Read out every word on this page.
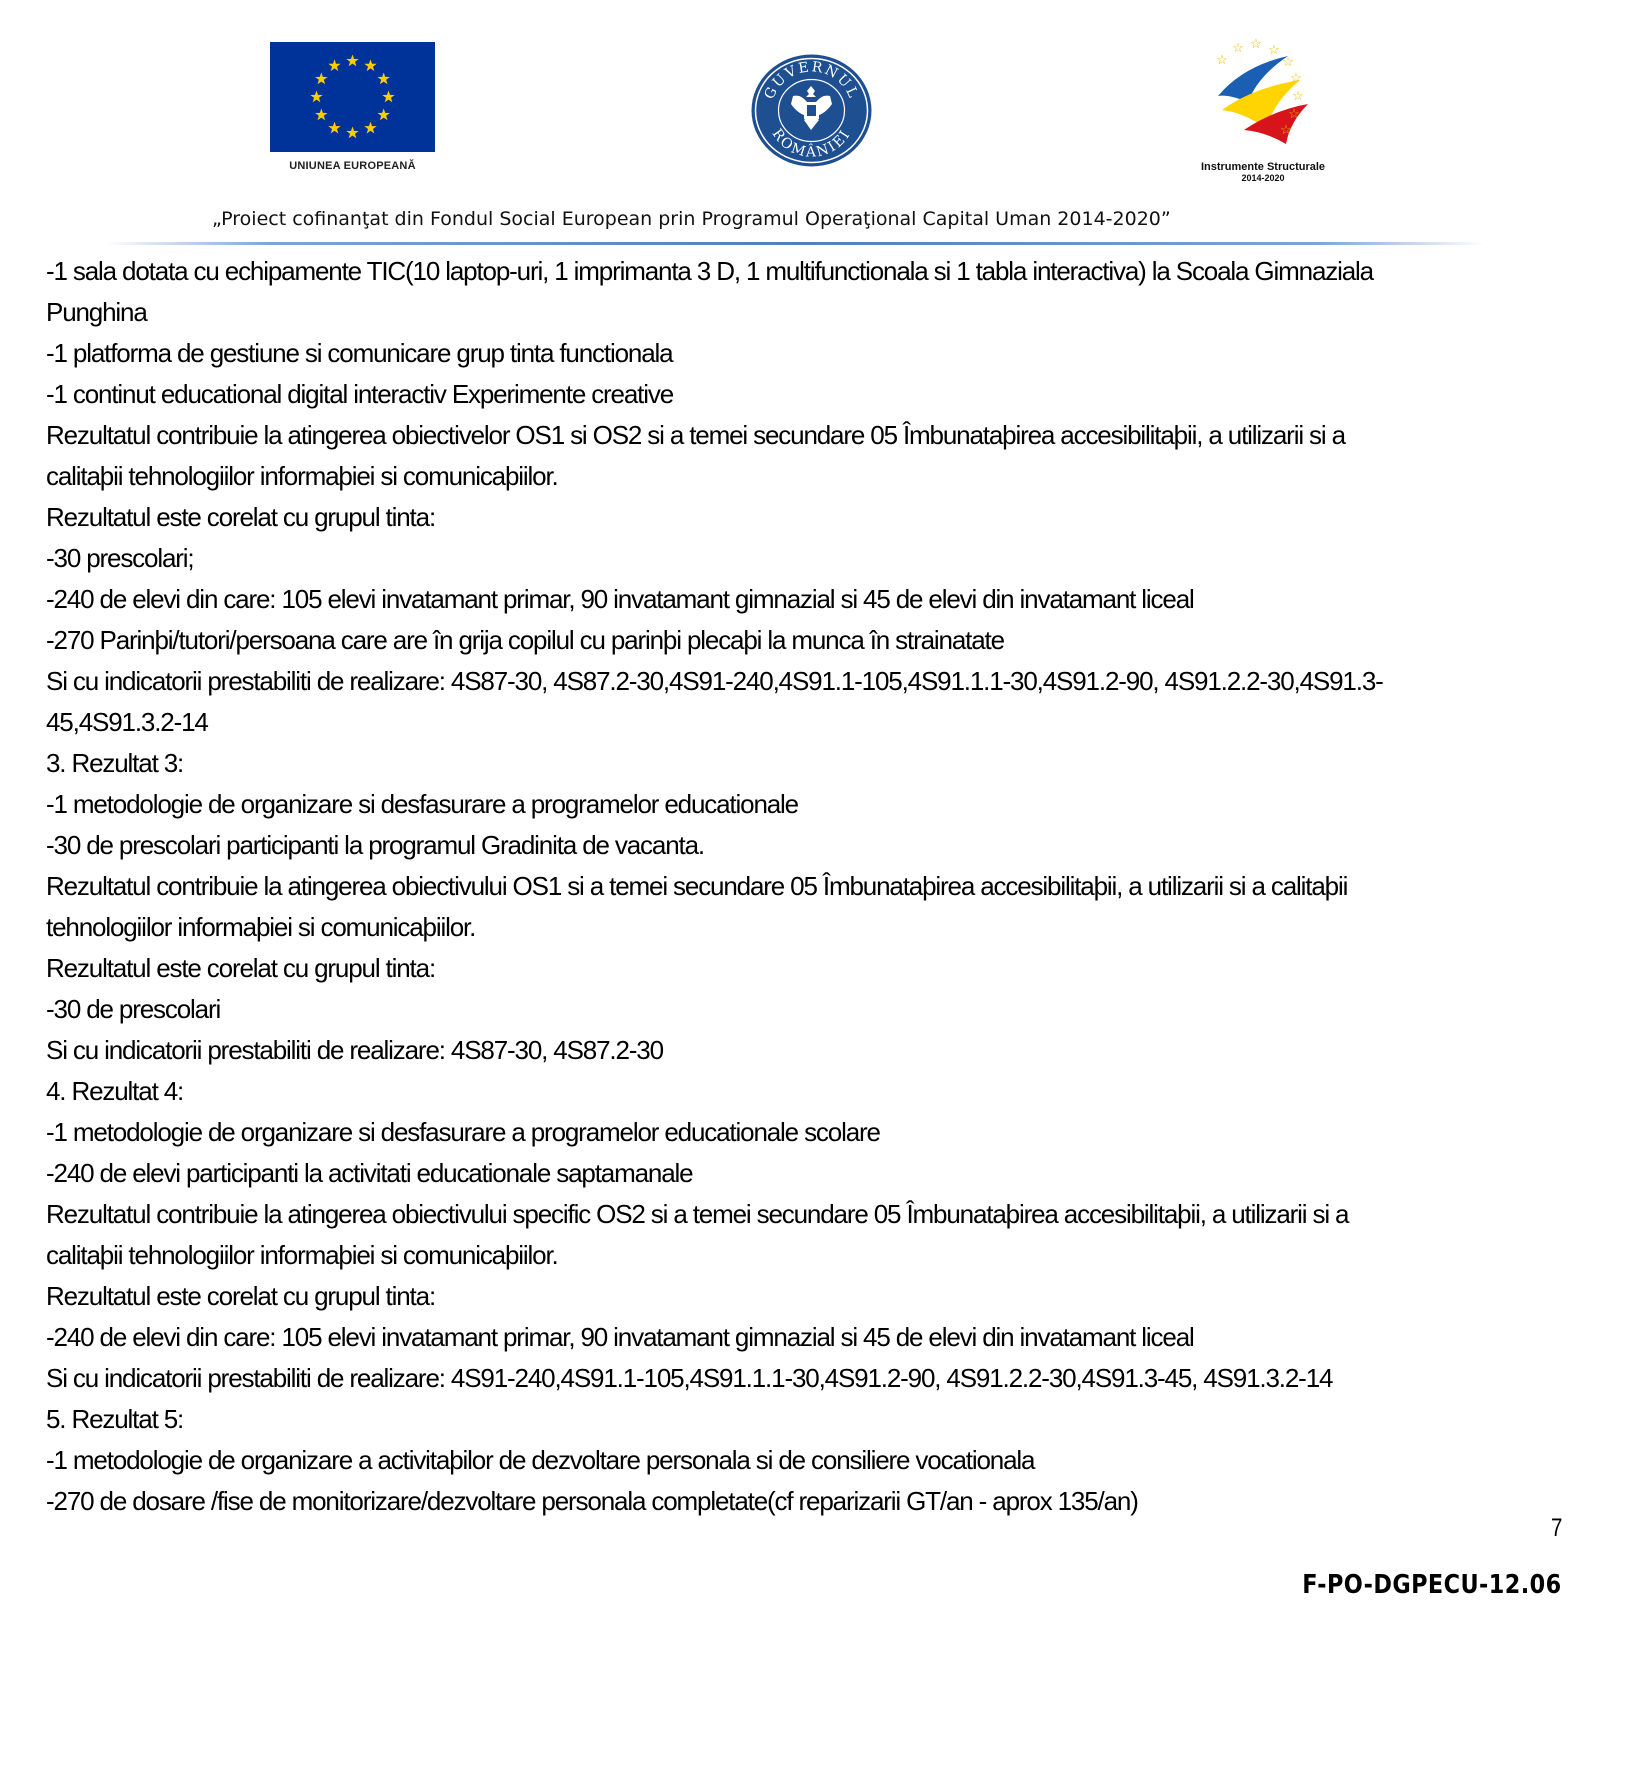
UNIUNEA EUROPEANĂ
GUVERNUL
ROMÂNIEI
☆
☆ ☆ ☆
☆
☆
☆
☆
☆
Instrumente Structurale
2014-2020
„Proiect cofinanţat din Fondul Social European prin Programul Operaţional Capital Uman 2014-2020”
-1 sala dotata cu echipamente TIC(10 laptop-uri, 1 imprimanta 3 D, 1 multifunctionala si 1 tabla interactiva) la Scoala Gimnaziala
Punghina
-1 platforma de gestiune si comunicare grup tinta functionala
-1 continut educational digital interactiv Experimente creative
Rezultatul contribuie la atingerea obiectivelor OS1 si OS2 si a temei secundare 05 Îmbunataþirea accesibilitaþii, a utilizarii si a
calitaþii tehnologiilor informaþiei si comunicaþiilor.
Rezultatul este corelat cu grupul tinta:
-30 prescolari;
-240 de elevi din care: 105 elevi invatamant primar, 90 invatamant gimnazial si 45 de elevi din invatamant liceal
-270 Parinþi/tutori/persoana care are în grija copilul cu parinþi plecaþi la munca în strainatate
Si cu indicatorii prestabiliti de realizare: 4S87-30, 4S87.2-30,4S91-240,4S91.1-105,4S91.1.1-30,4S91.2-90, 4S91.2.2-30,4S91.3-
45,4S91.3.2-14
3. Rezultat 3:
-1 metodologie de organizare si desfasurare a programelor educationale
-30 de prescolari participanti la programul Gradinita de vacanta.
Rezultatul contribuie la atingerea obiectivului OS1 si a temei secundare 05 Îmbunataþirea accesibilitaþii, a utilizarii si a calitaþii
tehnologiilor informaþiei si comunicaþiilor.
Rezultatul este corelat cu grupul tinta:
-30 de prescolari
Si cu indicatorii prestabiliti de realizare: 4S87-30, 4S87.2-30
4. Rezultat 4:
-1 metodologie de organizare si desfasurare a programelor educationale scolare
-240 de elevi participanti la activitati educationale saptamanale
Rezultatul contribuie la atingerea obiectivului specific OS2 si a temei secundare 05 Îmbunataþirea accesibilitaþii, a utilizarii si a
calitaþii tehnologiilor informaþiei si comunicaþiilor.
Rezultatul este corelat cu grupul tinta:
-240 de elevi din care: 105 elevi invatamant primar, 90 invatamant gimnazial si 45 de elevi din invatamant liceal
Si cu indicatorii prestabiliti de realizare: 4S91-240,4S91.1-105,4S91.1.1-30,4S91.2-90, 4S91.2.2-30,4S91.3-45, 4S91.3.2-14
5. Rezultat 5:
-1 metodologie de organizare a activitaþilor de dezvoltare personala si de consiliere vocationala
-270 de dosare /fise de monitorizare/dezvoltare personala completate(cf reparizarii GT/an - aprox 135/an)
7
F-PO-DGPECU-12.06
